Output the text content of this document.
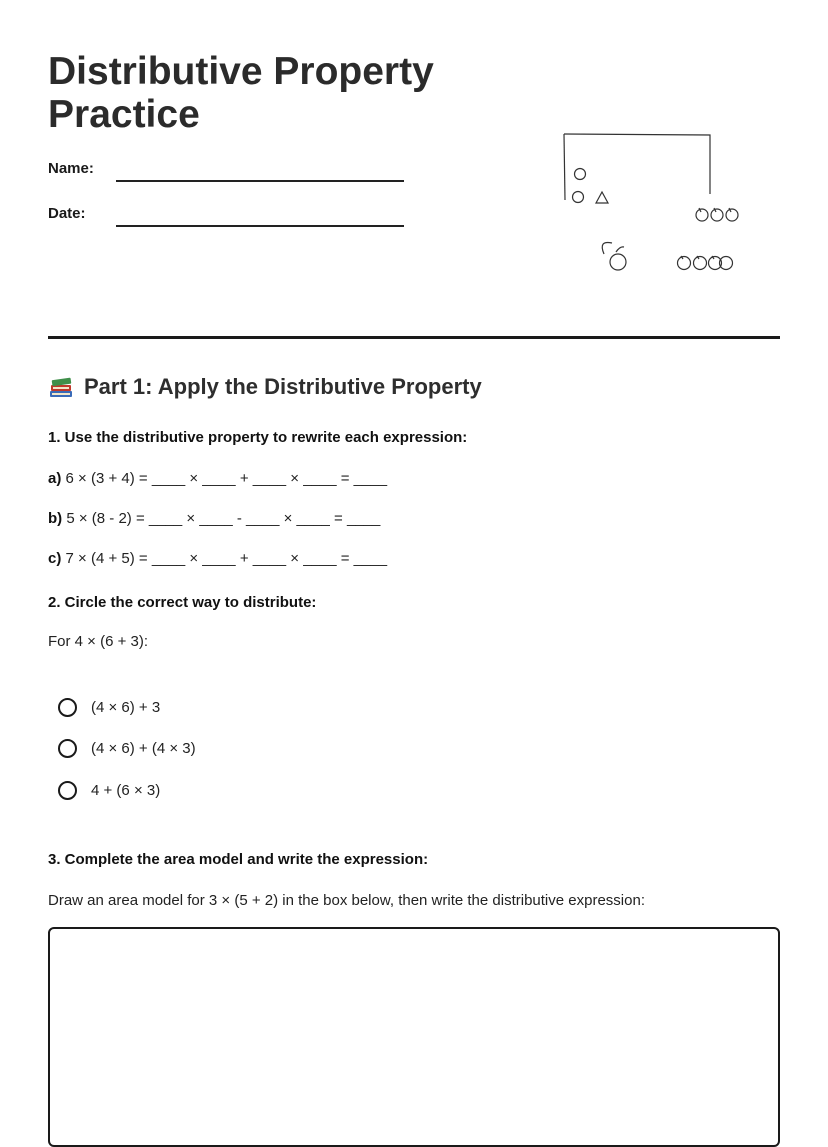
Distributive Property Practice
Name:
Date:
Part 1: Apply the Distributive Property
1. Use the distributive property to rewrite each expression:
a) 6 × (3 + 4) = ____ × ____ + ____ × ____ = ____
b) 5 × (8 - 2) = ____ × ____ - ____ × ____ = ____
c) 7 × (4 + 5) = ____ × ____ + ____ × ____ = ____
2. Circle the correct way to distribute:
For 4 × (6 + 3):
(4 × 6) + 3
(4 × 6) + (4 × 3)
4 + (6 × 3)
3. Complete the area model and write the expression:
Draw an area model for 3 × (5 + 2) in the box below, then write the distributive expression:
